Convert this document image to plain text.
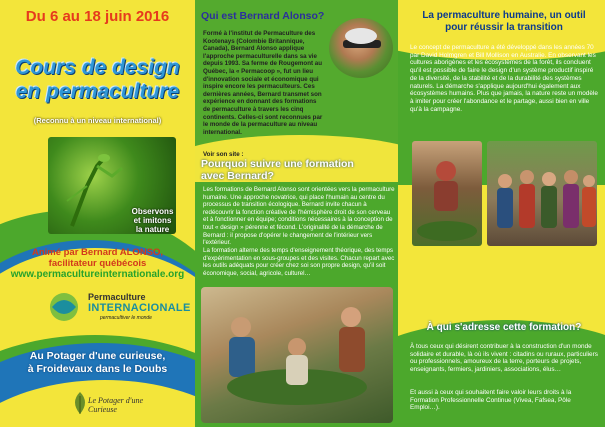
Du 6 au 18 juin 2016
Cours de design
en permaculture
(Reconnu à un niveau international)
Observons
et imitons
la nature
Animé par Bernard ALONSO,
facilitateur québécois
www.permacultureinternationale.org
Permaculture
INTERNACIONALE
permacultiver le monde
Au Potager d'une curieuse,
à Froidevaux dans le Doubs
Le Potager d'une Curieuse
Qui est Bernard Alonso?
Formé à l'institut de Permaculture des Kootenays (Colombie Britannique, Canada), Bernard Alonso applique l'approche permaculturelle dans sa vie depuis 1993. Sa ferme de Rougemont au Québec, la « Permacoop », fut un lieu d'innovation sociale et économique qui inspire encore les permaculteurs. Ces dernières années, Bernard transmet son expérience en donnant des formations de permaculture à travers les cinq continents. Celles-ci sont reconnues par le monde de la permaculture au niveau international.
Voir son site :
Pourquoi suivre une formation
avec Bernard?
Les formations de Bernard Alonso sont orientées vers la permaculture humaine. Une approche novatrice, qui place l'humain au centre du processus de transition écologique. Bernard invite chacun à redécouvrir la fonction créative de l'hémisphère droit de son cerveau et à fonctionner en équipe; conditions nécessaires à la conception de tout « design » pérenne et fécond. L'originalité de la démarche de Bernard : il propose d'opérer le changement de l'intérieur vers l'extérieur.
La formation alterne des temps d'enseignement théorique, des temps d'expérimentation en sous-groupes et des visites. Chacun repart avec les outils adéquats pour créer chez soi son propre design, qu'il soit économique, social, agricole, culturel…
La permaculture humaine, un outil
pour réussir la transition
Le concept de permaculture a été développé dans les années 70 par David Holmgren et Bill Mollison en Australie. En observant les cultures aborigènes et les écosystèmes de la forêt, ils concluent qu'il est possible de faire le design d'un système productif inspiré de la diversité, de la stabilité et de la durabilité des systèmes naturels. La démarche s'applique aujourd'hui également aux écosystèmes humains. Plus que jamais, la nature reste un modèle à imiter pour créer l'abondance et le partage, aussi bien en ville qu'à la campagne.
À qui s'adresse cette formation?
À tous ceux qui désirent contribuer à la construction d'un monde solidaire et durable, là où ils vivent : citadins ou ruraux, particuliers ou professionnels, amoureux de la terre, porteurs de projets, enseignants, fermiers, jardiniers, associations, élus…
Et aussi à ceux qui souhaitent faire valoir leurs droits à la Formation Professionnelle Continue (Vivea, Fafsea, Pôle Emploi…).
